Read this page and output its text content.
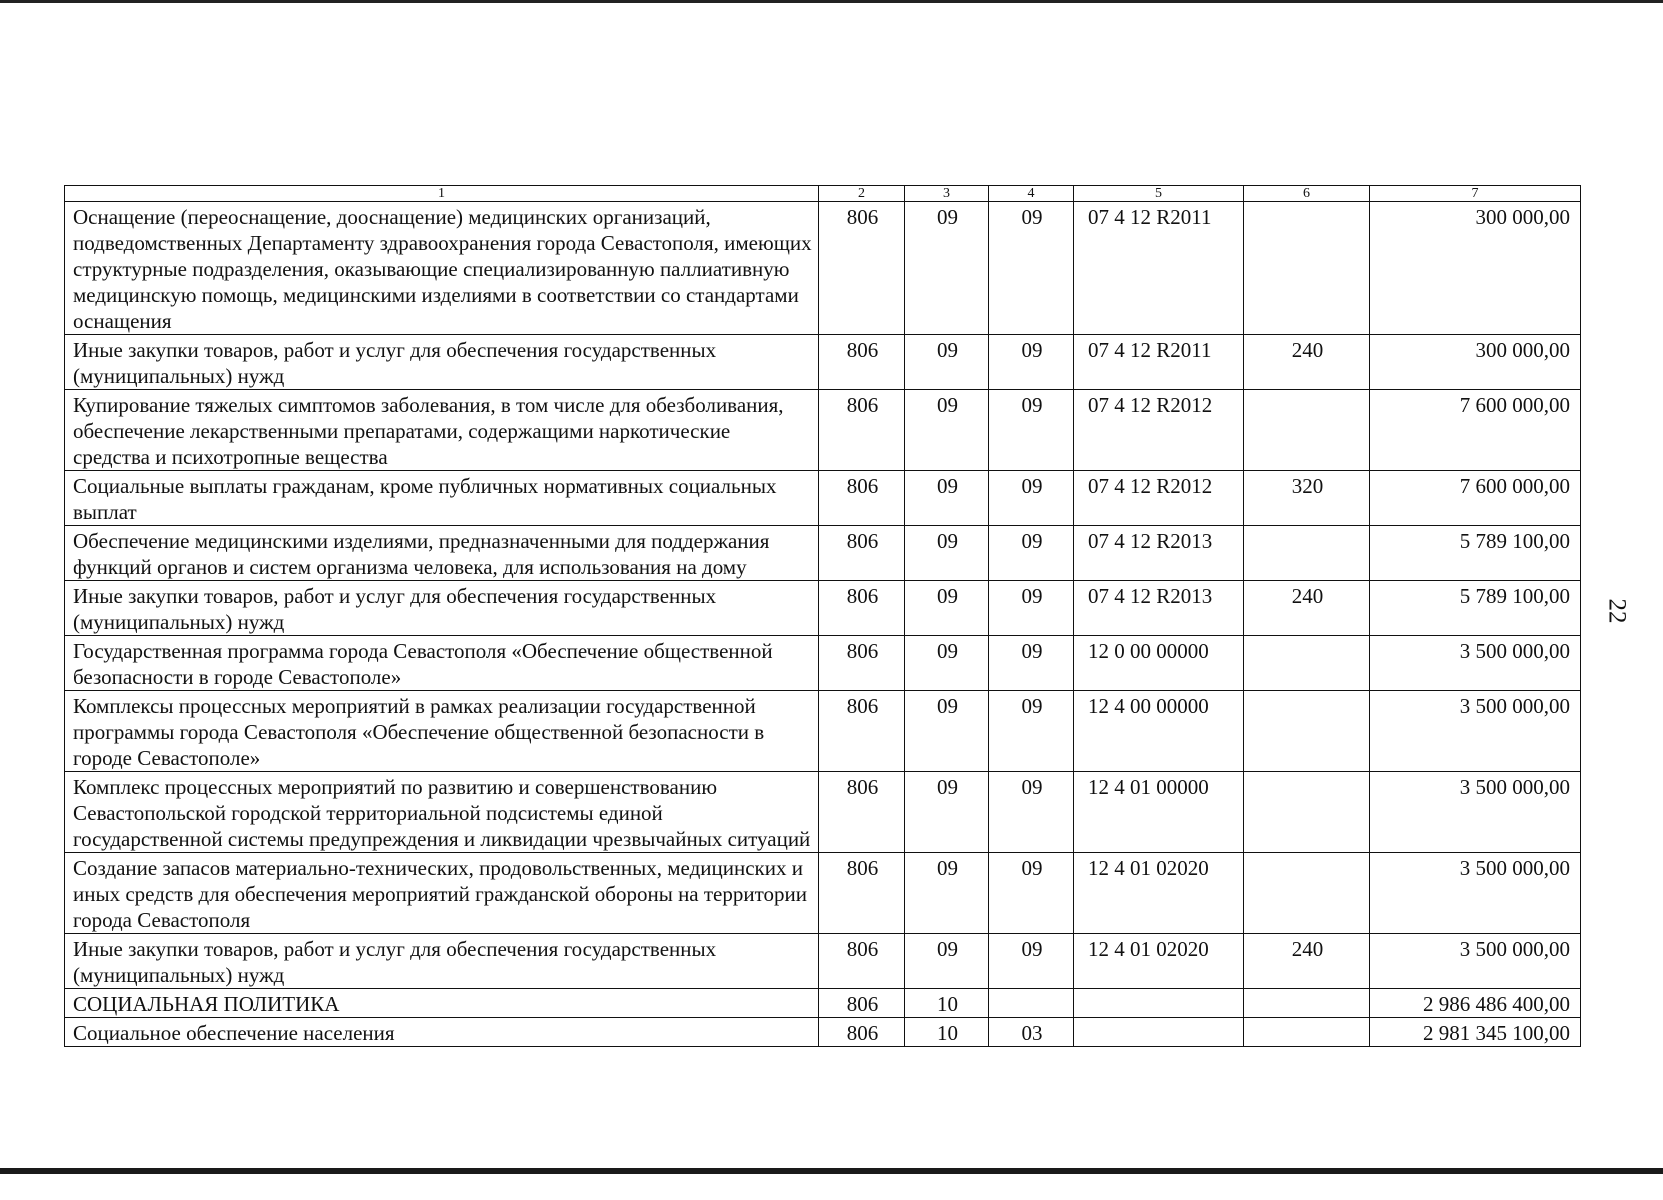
22
1	2	3	4	5	6	7
Оснащение (переоснащение, дооснащение) медицинских организаций, подведомственных Департаменту здравоохранения города Севастополя, имеющих структурные подразделения, оказывающие специализированную паллиативную медицинскую помощь, медицинскими изделиями в соответствии со стандартами оснащения	806	09	09	07 4 12 R2011		300 000,00
Иные закупки товаров, работ и услуг для обеспечения государственных (муниципальных) нужд	806	09	09	07 4 12 R2011	240	300 000,00
Купирование тяжелых симптомов заболевания, в том числе для обезболивания, обеспечение лекарственными препаратами, содержащими наркотические средства и психотропные вещества	806	09	09	07 4 12 R2012		7 600 000,00
Социальные выплаты гражданам, кроме публичных нормативных социальных выплат	806	09	09	07 4 12 R2012	320	7 600 000,00
Обеспечение медицинскими изделиями, предназначенными для поддержания функций органов и систем организма человека, для использования на дому	806	09	09	07 4 12 R2013		5 789 100,00
Иные закупки товаров, работ и услуг для обеспечения государственных (муниципальных) нужд	806	09	09	07 4 12 R2013	240	5 789 100,00
Государственная программа города Севастополя «Обеспечение общественной безопасности в городе Севастополе»	806	09	09	12 0 00 00000		3 500 000,00
Комплексы процессных мероприятий в рамках реализации государственной программы города Севастополя «Обеспечение общественной безопасности в городе Севастополе»	806	09	09	12 4 00 00000		3 500 000,00
Комплекс процессных мероприятий по развитию и совершенствованию Севастопольской городской территориальной подсистемы единой государственной системы предупреждения и ликвидации чрезвычайных ситуаций	806	09	09	12 4 01 00000		3 500 000,00
Создание запасов материально-технических, продовольственных, медицинских и иных средств для обеспечения мероприятий гражданской обороны на территории города Севастополя	806	09	09	12 4 01 02020		3 500 000,00
Иные закупки товаров, работ и услуг для обеспечения государственных (муниципальных) нужд	806	09	09	12 4 01 02020	240	3 500 000,00
СОЦИАЛЬНАЯ ПОЛИТИКА	806	10				2 986 486 400,00
Социальное обеспечение населения	806	10	03			2 981 345 100,00
